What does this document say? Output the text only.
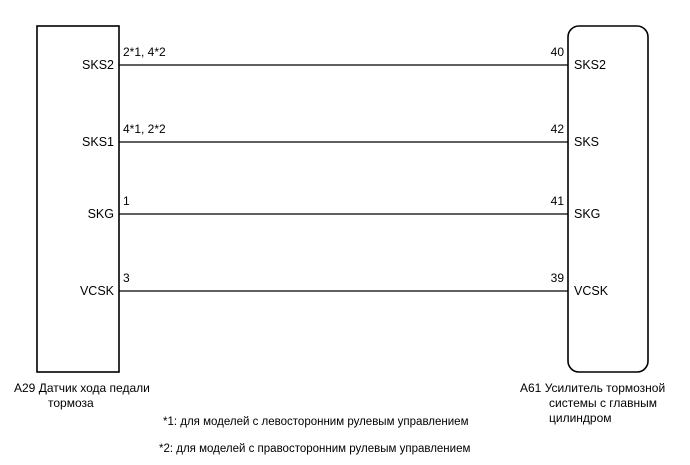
SKS2
SKS1
SKG
VCSK
2*1, 4*2
4*1, 2*2
1
3
40
42
41
39
SKS2
SKS
SKG
VCSK
A29 Датчик хода педали
тормоза
A61 Усилитель тормозной
системы с главным
цилиндром
*1: для моделей с левосторонним рулевым управлением
*2: для моделей с правосторонним рулевым управлением
